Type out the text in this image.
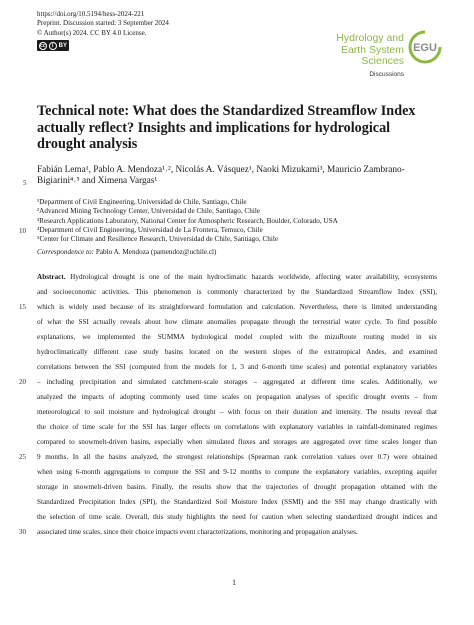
https://doi.org/10.5194/hess-2024-221
Preprint. Discussion started: 3 September 2024
© Author(s) 2024. CC BY 4.0 License.
cc	i BY
Hydrology and
Earth System
Sciences
Discussions
EGU
Technical note: What does the Standardized Streamflow Index actually reflect? Insights and implications for hydrological drought analysis
Fabián Lema¹, Pablo A. Mendoza¹˒², Nicolás A. Vásquez¹, Naoki Mizukami³, Mauricio Zambrano-
5 Bigiarini⁴˒⁵ and Ximena Vargas¹
¹Department of Civil Engineering, Universidad de Chile, Santiago, Chile
²Advanced Mining Technology Center, Universidad de Chile, Santiago, Chile
³Research Applications Laboratory, National Center for Atmospheric Research, Boulder, Colorado, USA
10 ⁴Department of Civil Engineering, Universidad de La Frontera, Temuco, Chile
⁵Center for Climate and Resilience Research, Universidad de Chile, Santiago, Chile
Correspondence to: Pablo A. Mendoza (pamendoz@uchile.cl)
Abstract. Hydrological drought is one of the main hydroclimatic hazards worldwide, affecting water availability, ecosystems
and socioeconomic activities. This phenomenon is commonly characterized by the Standardized Streamflow Index (SSI),
15 which is widely used because of its straightforward formulation and calculation. Nevertheless, there is limited understanding
of what the SSI actually reveals about how climate anomalies propagate through the terrestrial water cycle. To find possible
explanations, we implemented the SUMMA hydrological model coupled with the mizuRoute routing model in six
hydroclimatically different case study basins located on the western slopes of the extratropical Andes, and examined
correlations between the SSI (computed from the models for 1, 3 and 6-month time scales) and potential explanatory variables
20 – including precipitation and simulated catchment-scale storages – aggregated at different time scales. Additionally, we
analyzed the impacts of adopting commonly used time scales on propagation analyses of specific drought events – from
meteorological to soil moisture and hydrological drought – with focus on their duration and intensity. The results reveal that
the choice of time scale for the SSI has larger effects on correlations with explanatory variables in rainfall-dominated regimes
compared to snowmelt-driven basins, especially when simulated fluxes and storages are aggregated over time scales longer than
25 9 months. In all the basins analyzed, the strongest relationships (Spearman rank correlation values over 0.7) were obtained
when using 6-month aggregations to compute the SSI and 9-12 months to compute the explanatory variables, excepting aquifer
storage in snowmelt-driven basins. Finally, the results show that the trajectories of drought propagation obtained with the
Standardized Precipitation Index (SPI), the Standardized Soil Moisture Index (SSMI) and the SSI may change drastically with
the selection of time scale. Overall, this study highlights the need for caution when selecting standardized drought indices and
30 associated time scales, since their choice impacts event characterizations, monitoring and propagation analyses.
1
